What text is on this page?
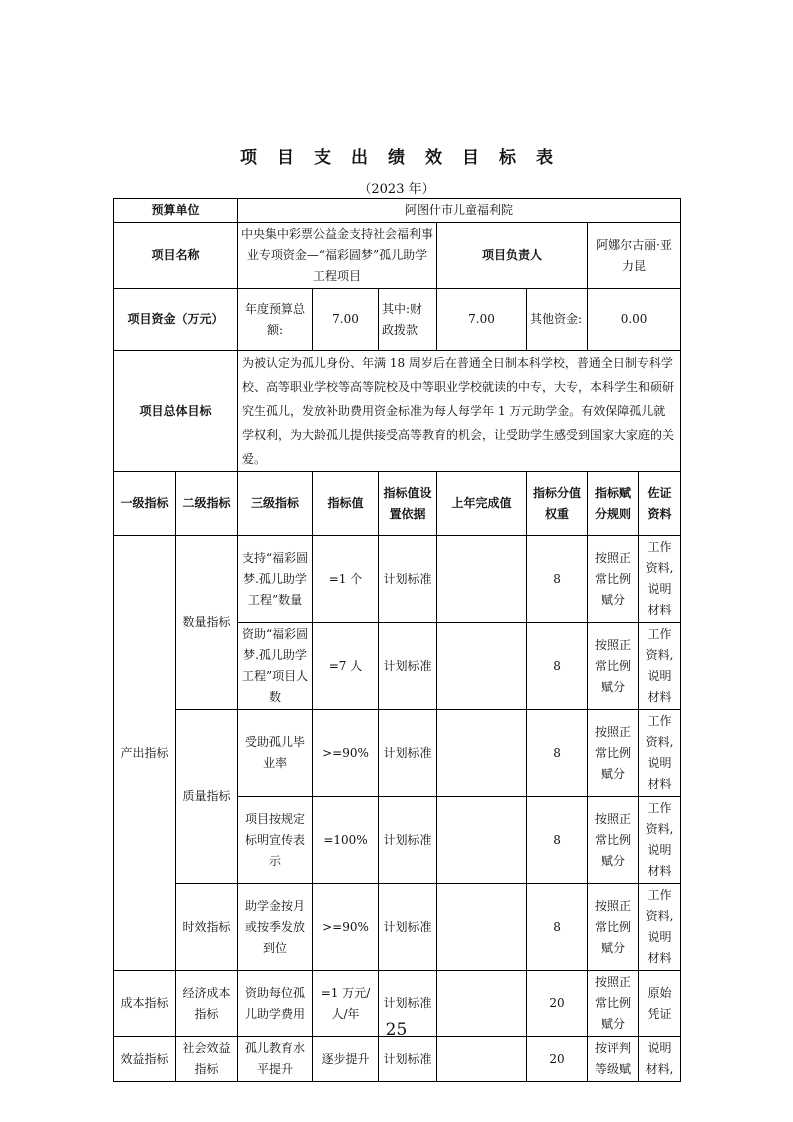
项目支出绩效目标表
（2023 年）
预算单位		阿图什市儿童福利院						
项目名称		中央集中彩票公益金支持社会福利事业专项资金—“福彩圆梦”孤儿助学工程项目			项目负责人		阿娜尔古丽·亚力昆	
项目资金（万元）		年度预算总额:	7.00	其中:财政拨款	7.00	其他资金:	0.00	
项目总体目标		为被认定为孤儿身份、年满 18 周岁后在普通全日制本科学校，普通全日制专科学校、高等职业学校等高等院校及中等职业学校就读的中专，大专，本科学生和硕研究生孤儿，发放补助费用资金标准为每人每学年 1 万元助学金。有效保障孤儿就学权利，为大龄孤儿提供接受高等教育的机会，让受助学生感受到国家大家庭的关爱。						
一级指标	二级指标	三级指标	指标值	指标值设置依据	上年完成值	指标分值权重	指标赋分规则	佐证资料
产出指标	数量指标	支持“福彩圆梦.孤儿助学工程”数量	=1 个	计划标准		8	按照正常比例赋分	工作资料,说明材料
		资助“福彩圆梦.孤儿助学工程”项目人数	=7 人	计划标准		8	按照正常比例赋分	工作资料,说明材料
	质量指标	受助孤儿毕业率	>=90%	计划标准		8	按照正常比例赋分	工作资料,说明材料
		项目按规定标明宣传表示	=100%	计划标准		8	按照正常比例赋分	工作资料,说明材料
	时效指标	助学金按月或按季发放到位	>=90%	计划标准		8	按照正常比例赋分	工作资料,说明材料
成本指标	经济成本指标	资助每位孤儿助学费用	=1 万元/人/年	计划标准		20	按照正常比例赋分	原始凭证
效益指标	社会效益指标	孤儿教育水平提升	逐步提升	计划标准		20	按评判等级赋	说明材料,
25
